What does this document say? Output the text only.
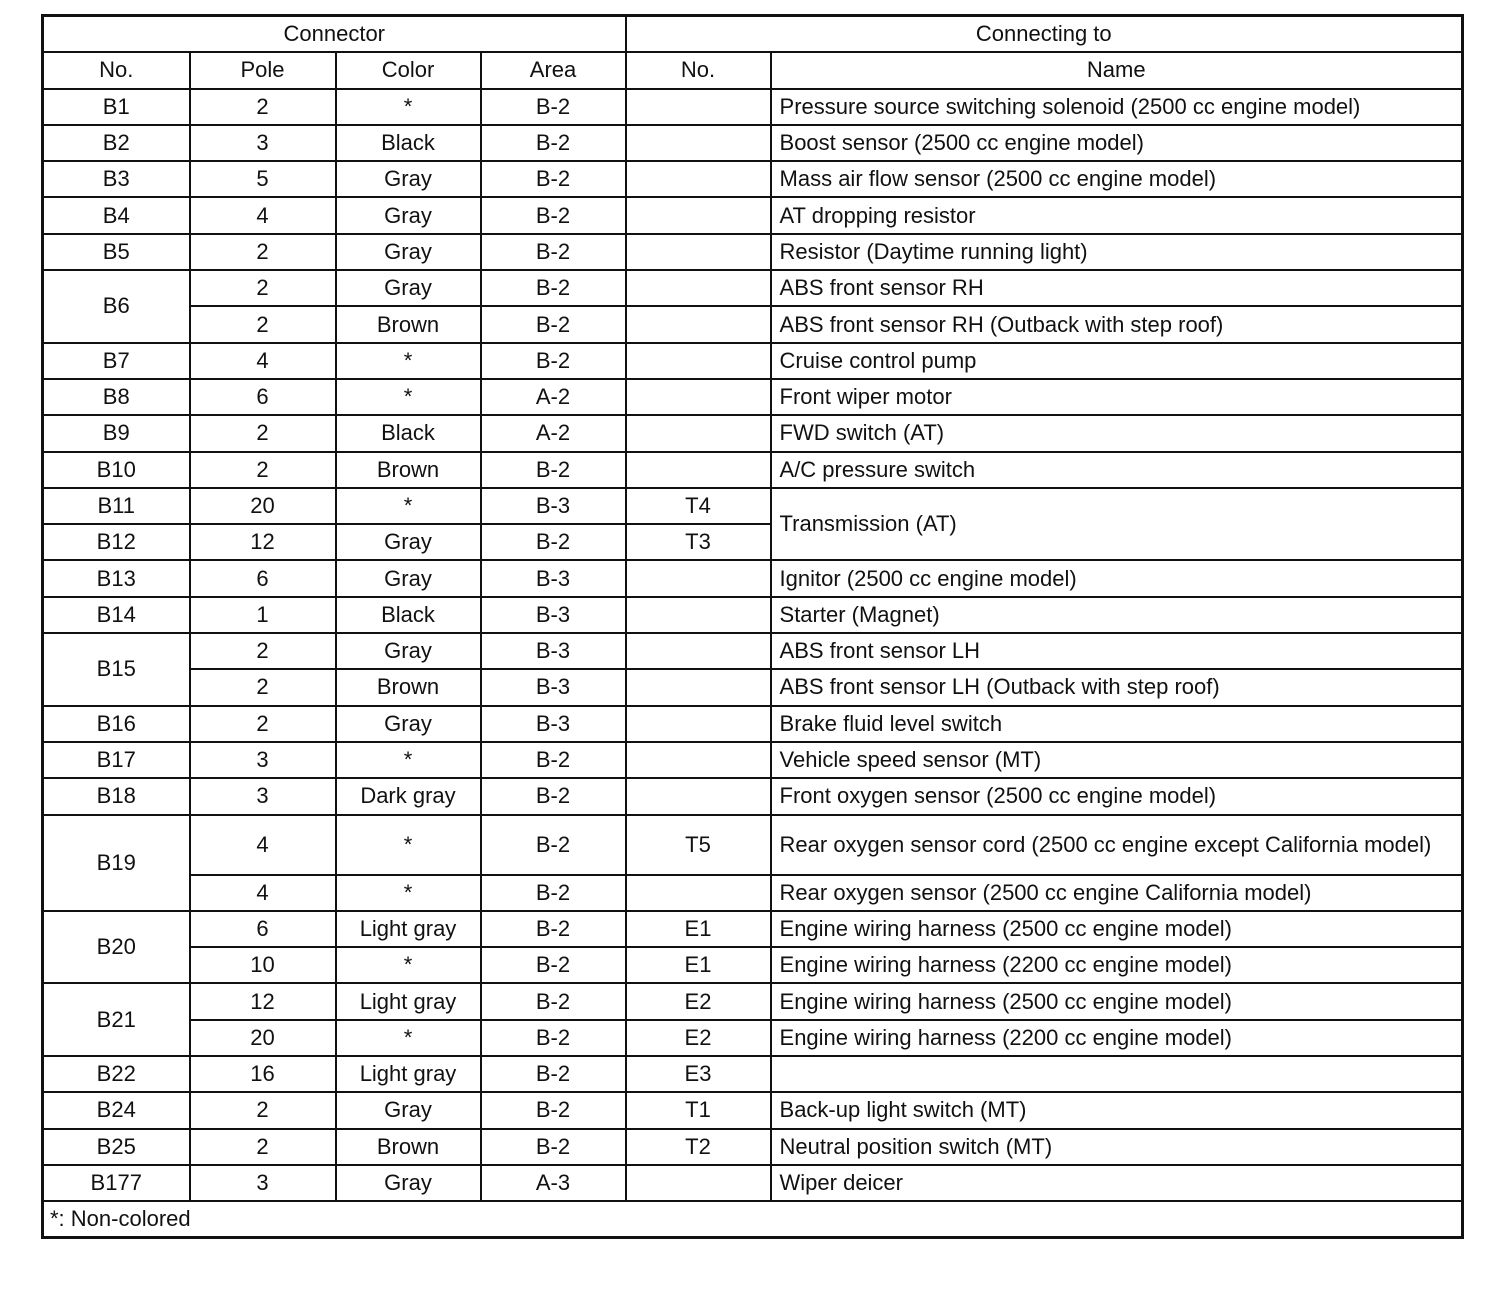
Connector				Connecting to	
No.	Pole	Color	Area	No.	Name
B1	2	*	B-2		Pressure source switching solenoid (2500 cc engine model)
B2	3	Black	B-2		Boost sensor (2500 cc engine model)
B3	5	Gray	B-2		Mass air flow sensor (2500 cc engine model)
B4	4	Gray	B-2		AT dropping resistor
B5	2	Gray	B-2		Resistor (Daytime running light)
B6	2	Gray	B-2		ABS front sensor RH
	2	Brown	B-2		ABS front sensor RH (Outback with step roof)
B7	4	*	B-2		Cruise control pump
B8	6	*	A-2		Front wiper motor
B9	2	Black	A-2		FWD switch (AT)
B10	2	Brown	B-2		A/C pressure switch
B11	20	*	B-3	T4	Transmission (AT)
B12	12	Gray	B-2	T3	
B13	6	Gray	B-3		Ignitor (2500 cc engine model)
B14	1	Black	B-3		Starter (Magnet)
B15	2	Gray	B-3		ABS front sensor LH
	2	Brown	B-3		ABS front sensor LH (Outback with step roof)
B16	2	Gray	B-3		Brake fluid level switch
B17	3	*	B-2		Vehicle speed sensor (MT)
B18	3	Dark gray	B-2		Front oxygen sensor (2500 cc engine model)
B19	4	*	B-2	T5	Rear oxygen sensor cord (2500 cc engine except California model)
	4	*	B-2		Rear oxygen sensor (2500 cc engine California model)
B20	6	Light gray	B-2	E1	Engine wiring harness (2500 cc engine model)
	10	*	B-2	E1	Engine wiring harness (2200 cc engine model)
B21	12	Light gray	B-2	E2	Engine wiring harness (2500 cc engine model)
	20	*	B-2	E2	Engine wiring harness (2200 cc engine model)
B22	16	Light gray	B-2	E3	
B24	2	Gray	B-2	T1	Back-up light switch (MT)
B25	2	Brown	B-2	T2	Neutral position switch (MT)
B177	3	Gray	A-3		Wiper deicer
*: Non-colored					
